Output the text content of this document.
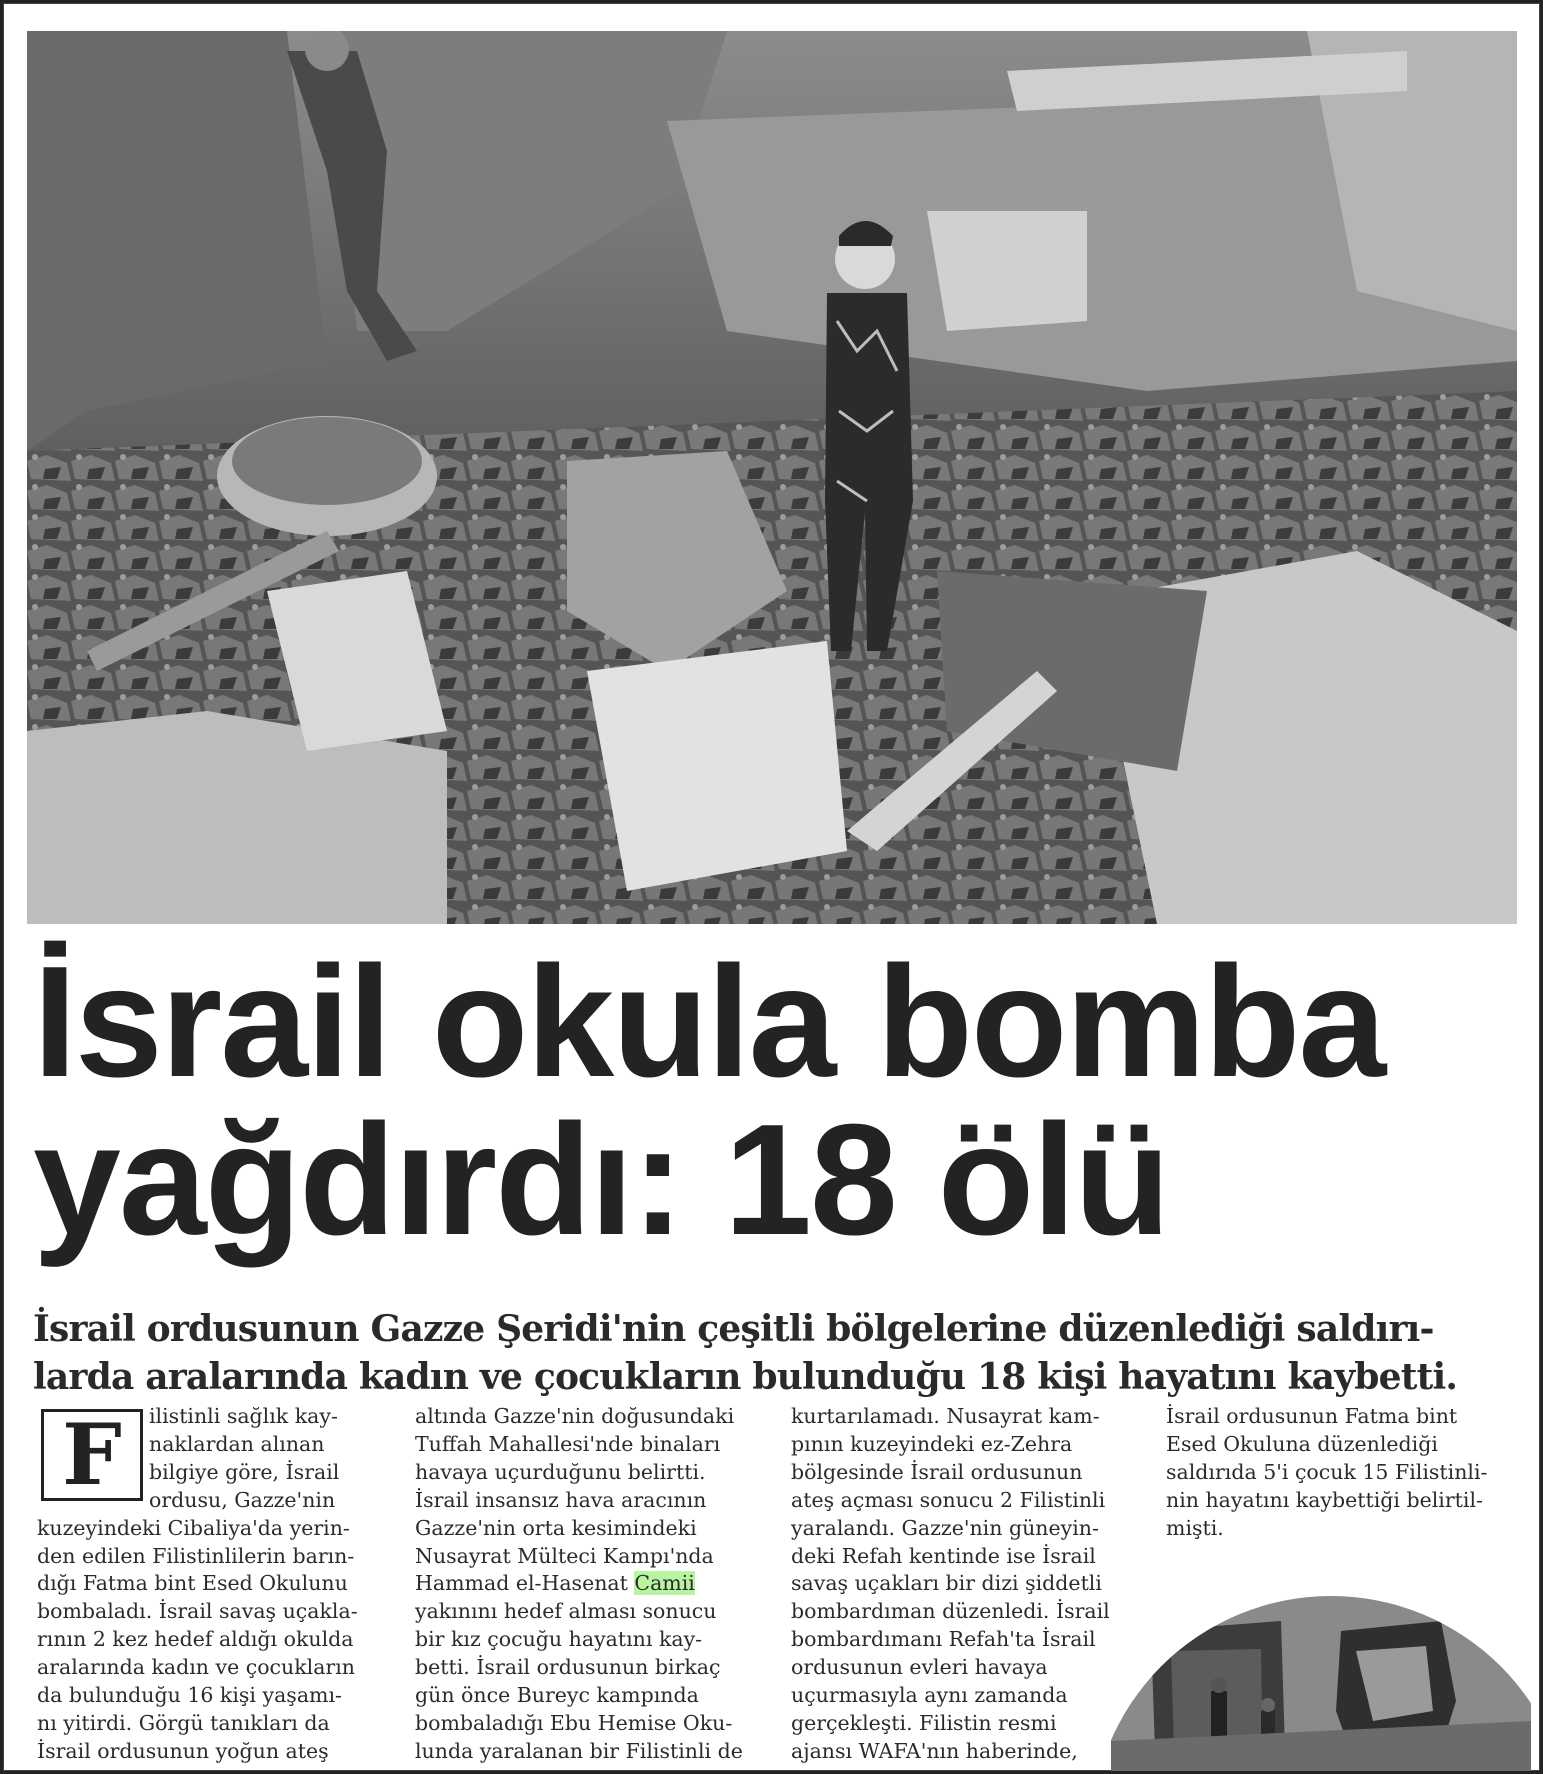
İsrail okula bomba
yağdırdı: 18 ölü
İsrail ordusunun Gazze Şeridi'nin çeşitli bölgelerine düzenlediği saldırı-
larda aralarında kadın ve çocukların bulunduğu 18 kişi hayatını kaybetti.
F	ilistinli sağlık kay-
naklardan alınan
bilgiye göre, İsrail
ordusu, Gazze'nin
kuzeyindeki Cibaliya'da yerin-
den edilen Filistinlilerin barın-
dığı Fatma bint Esed Okulunu
bombaladı. İsrail savaş uçakla-
rının 2 kez hedef aldığı okulda
aralarında kadın ve çocukların
da bulunduğu 16 kişi yaşamı-
nı yitirdi. Görgü tanıkları da
İsrail ordusunun yoğun ateş
altında Gazze'nin doğusundaki
Tuffah Mahallesi'nde binaları
havaya uçurduğunu belirtti.
İsrail insansız hava aracının
Gazze'nin orta kesimindeki
Nusayrat Mülteci Kampı'nda
Hammad el-Hasenat Camii
yakınını hedef alması sonucu
bir kız çocuğu hayatını kay-
betti. İsrail ordusunun birkaç
gün önce Bureyc kampında
bombaladığı Ebu Hemise Oku-
lunda yaralanan bir Filistinli de
kurtarılamadı. Nusayrat kam-
pının kuzeyindeki ez-Zehra
bölgesinde İsrail ordusunun
ateş açması sonucu 2 Filistinli
yaralandı. Gazze'nin güneyin-
deki Refah kentinde ise İsrail
savaş uçakları bir dizi şiddetli
bombardıman düzenledi. İsrail
bombardımanı Refah'ta İsrail
ordusunun evleri havaya
uçurmasıyla aynı zamanda
gerçekleşti. Filistin resmi
ajansı WAFA'nın haberinde,
İsrail ordusunun Fatma bint
Esed Okuluna düzenlediği
saldırıda 5'i çocuk 15 Filistinli-
nin hayatını kaybettiği belirtil-
mişti.
